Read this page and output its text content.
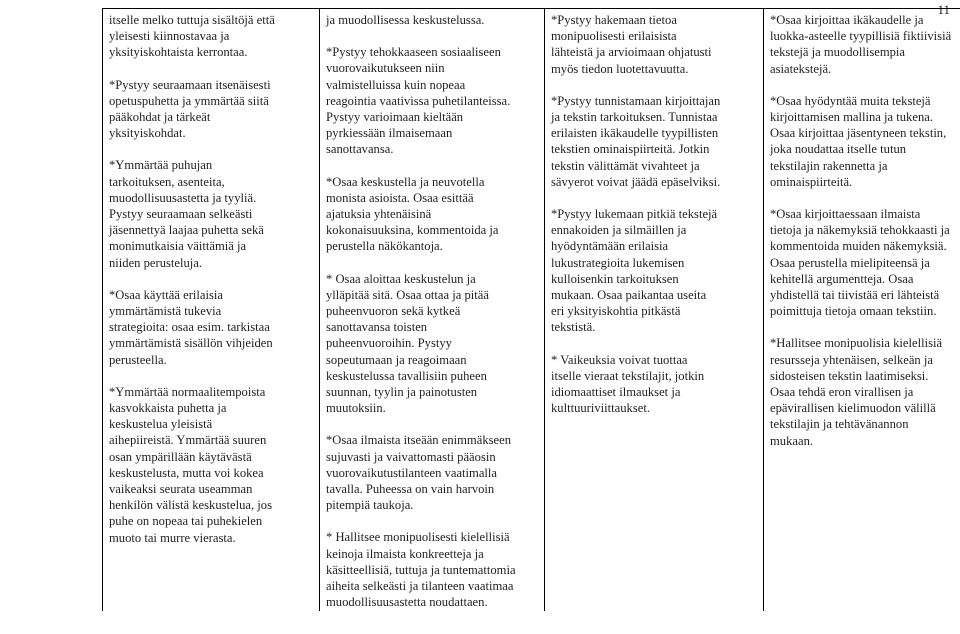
11
itselle melko tuttuja sisältöjä että
yleisesti kiinnostavaa ja
yksityiskohtaista kerrontaa.
*Pystyy seuraamaan itsenäisesti
opetuspuhetta ja ymmärtää siitä
pääkohdat ja tärkeät
yksityiskohdat.
*Ymmärtää puhujan
tarkoituksen, asenteita,
muodollisuusastetta ja tyyliä.
Pystyy seuraamaan selkeästi
jäsennettyä laajaa puhetta sekä
monimutkaisia väittämiä ja
niiden perusteluja.
*Osaa käyttää erilaisia
ymmärtämistä tukevia
strategioita: osaa esim. tarkistaa
ymmärtämistä sisällön vihjeiden
perusteella.
*Ymmärtää normaalitempoista
kasvokkaista puhetta ja
keskustelua yleisistä
aihepiireistä. Ymmärtää suuren
osan ympärillään käytävästä
keskustelusta, mutta voi kokea
vaikeaksi seurata useamman
henkilön välistä keskustelua, jos
puhe on nopeaa tai puhekielen
muoto tai murre vierasta.

ja muodollisessa keskustelussa.
*Pystyy tehokkaaseen sosiaaliseen
vuorovaikutukseen niin
valmistelluissa kuin nopeaa
reagointia vaativissa puhetilanteissa.
Pystyy varioimaan kieltään
pyrkiessään ilmaisemaan
sanottavansa.
*Osaa keskustella ja neuvotella
monista asioista. Osaa esittää
ajatuksia yhtenäisinä
kokonaisuuksina, kommentoida ja
perustella näkökantoja.
* Osaa aloittaa keskustelun ja
ylläpitää sitä. Osaa ottaa ja pitää
puheenvuoron sekä kytkeä
sanottavansa toisten
puheenvuoroihin. Pystyy
sopeutumaan ja reagoimaan
keskustelussa tavallisiin puheen
suunnan, tyylin ja painotusten
muutoksiin.
*Osaa ilmaista itseään enimmäkseen
sujuvasti ja vaivattomasti pääosin
vuorovaikutustilanteen vaatimalla
tavalla. Puheessa on vain harvoin
pitempiä taukoja.
* Hallitsee monipuolisesti kielellisiä
keinoja ilmaista konkreetteja ja
käsitteellisiä, tuttuja ja tuntemattomia
aiheita selkeästi ja tilanteen vaatimaa
muodollisuusastetta noudattaen.

*Pystyy hakemaan tietoa
monipuolisesti erilaisista
lähteistä ja arvioimaan ohjatusti
myös tiedon luotettavuutta.
*Pystyy tunnistamaan kirjoittajan
ja tekstin tarkoituksen. Tunnistaa
erilaisten ikäkaudelle tyypillisten
tekstien ominaispiirteitä. Jotkin
tekstin välittämät vivahteet ja
sävyerot voivat jäädä epäselviksi.
*Pystyy lukemaan pitkiä tekstejä
ennakoiden ja silmäillen ja
hyödyntämään erilaisia
lukustrategioita lukemisen
kulloisenkin tarkoituksen
mukaan. Osaa paikantaa useita
eri yksityiskohtia pitkästä
tekstistä.
* Vaikeuksia voivat tuottaa
itselle vieraat tekstilajit, jotkin
idiomaattiset ilmaukset ja
kulttuuriviittaukset.

*Osaa kirjoittaa ikäkaudelle ja
luokka-asteelle tyypillisiä fiktiivisiä
tekstejä ja muodollisempia
asiatekstejä.
*Osaa hyödyntää muita tekstejä
kirjoittamisen mallina ja tukena.
Osaa kirjoittaa jäsentyneen tekstin,
joka noudattaa itselle tutun
tekstilajin rakennetta ja
ominaispiirteitä.
*Osaa kirjoittaessaan ilmaista
tietoja ja näkemyksiä tehokkaasti ja
kommentoida muiden näkemyksiä.
Osaa perustella mielipiteensä ja
kehitellä argumentteja. Osaa
yhdistellä tai tiivistää eri lähteistä
poimittuja tietoja omaan tekstiin.
*Hallitsee monipuolisia kielellisiä
resursseja yhtenäisen, selkeän ja
sidosteisen tekstin laatimiseksi.
Osaa tehdä eron virallisen ja
epävirallisen kielimuodon välillä
tekstilajin ja tehtävänannon
mukaan.
